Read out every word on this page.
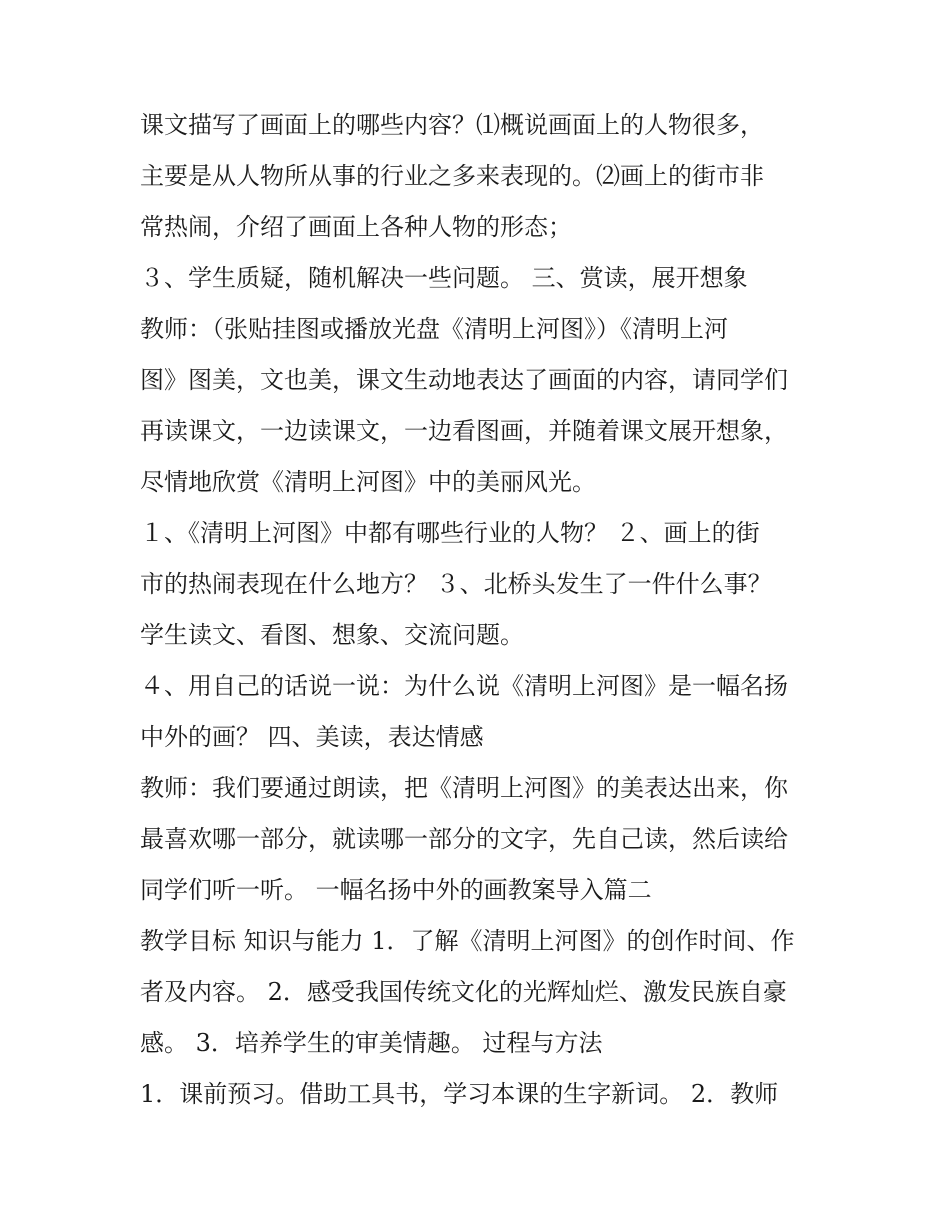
课文描写了画面上的哪些内容？⑴概说画面上的人物很多，
主要是从人物所从事的行业之多来表现的。⑵画上的街市非
常热闹，介绍了画面上各种人物的形态；
３、学生质疑，随机解决一些问题。 三、赏读，展开想象
教师：（张贴挂图或播放光盘《清明上河图》）《清明上河
图》图美，文也美，课文生动地表达了画面的内容，请同学们
再读课文，一边读课文，一边看图画，并随着课文展开想象，
尽情地欣赏《清明上河图》中的美丽风光。
１、《清明上河图》中都有哪些行业的人物？ ２、画上的街
市的热闹表现在什么地方？ ３、北桥头发生了一件什么事？
学生读文、看图、想象、交流问题。
４、用自己的话说一说：为什么说《清明上河图》是一幅名扬
中外的画？ 四、美读，表达情感
教师：我们要通过朗读，把《清明上河图》的美表达出来，你
最喜欢哪一部分，就读哪一部分的文字，先自己读，然后读给
同学们听一听。 一幅名扬中外的画教案导入篇二
教学目标 知识与能力 1．了解《清明上河图》的创作时间、作
者及内容。 2．感受我国传统文化的光辉灿烂、激发民族自豪
感。 3．培养学生的审美情趣。 过程与方法
1．课前预习。借助工具书，学习本课的生字新词。 2．教师
